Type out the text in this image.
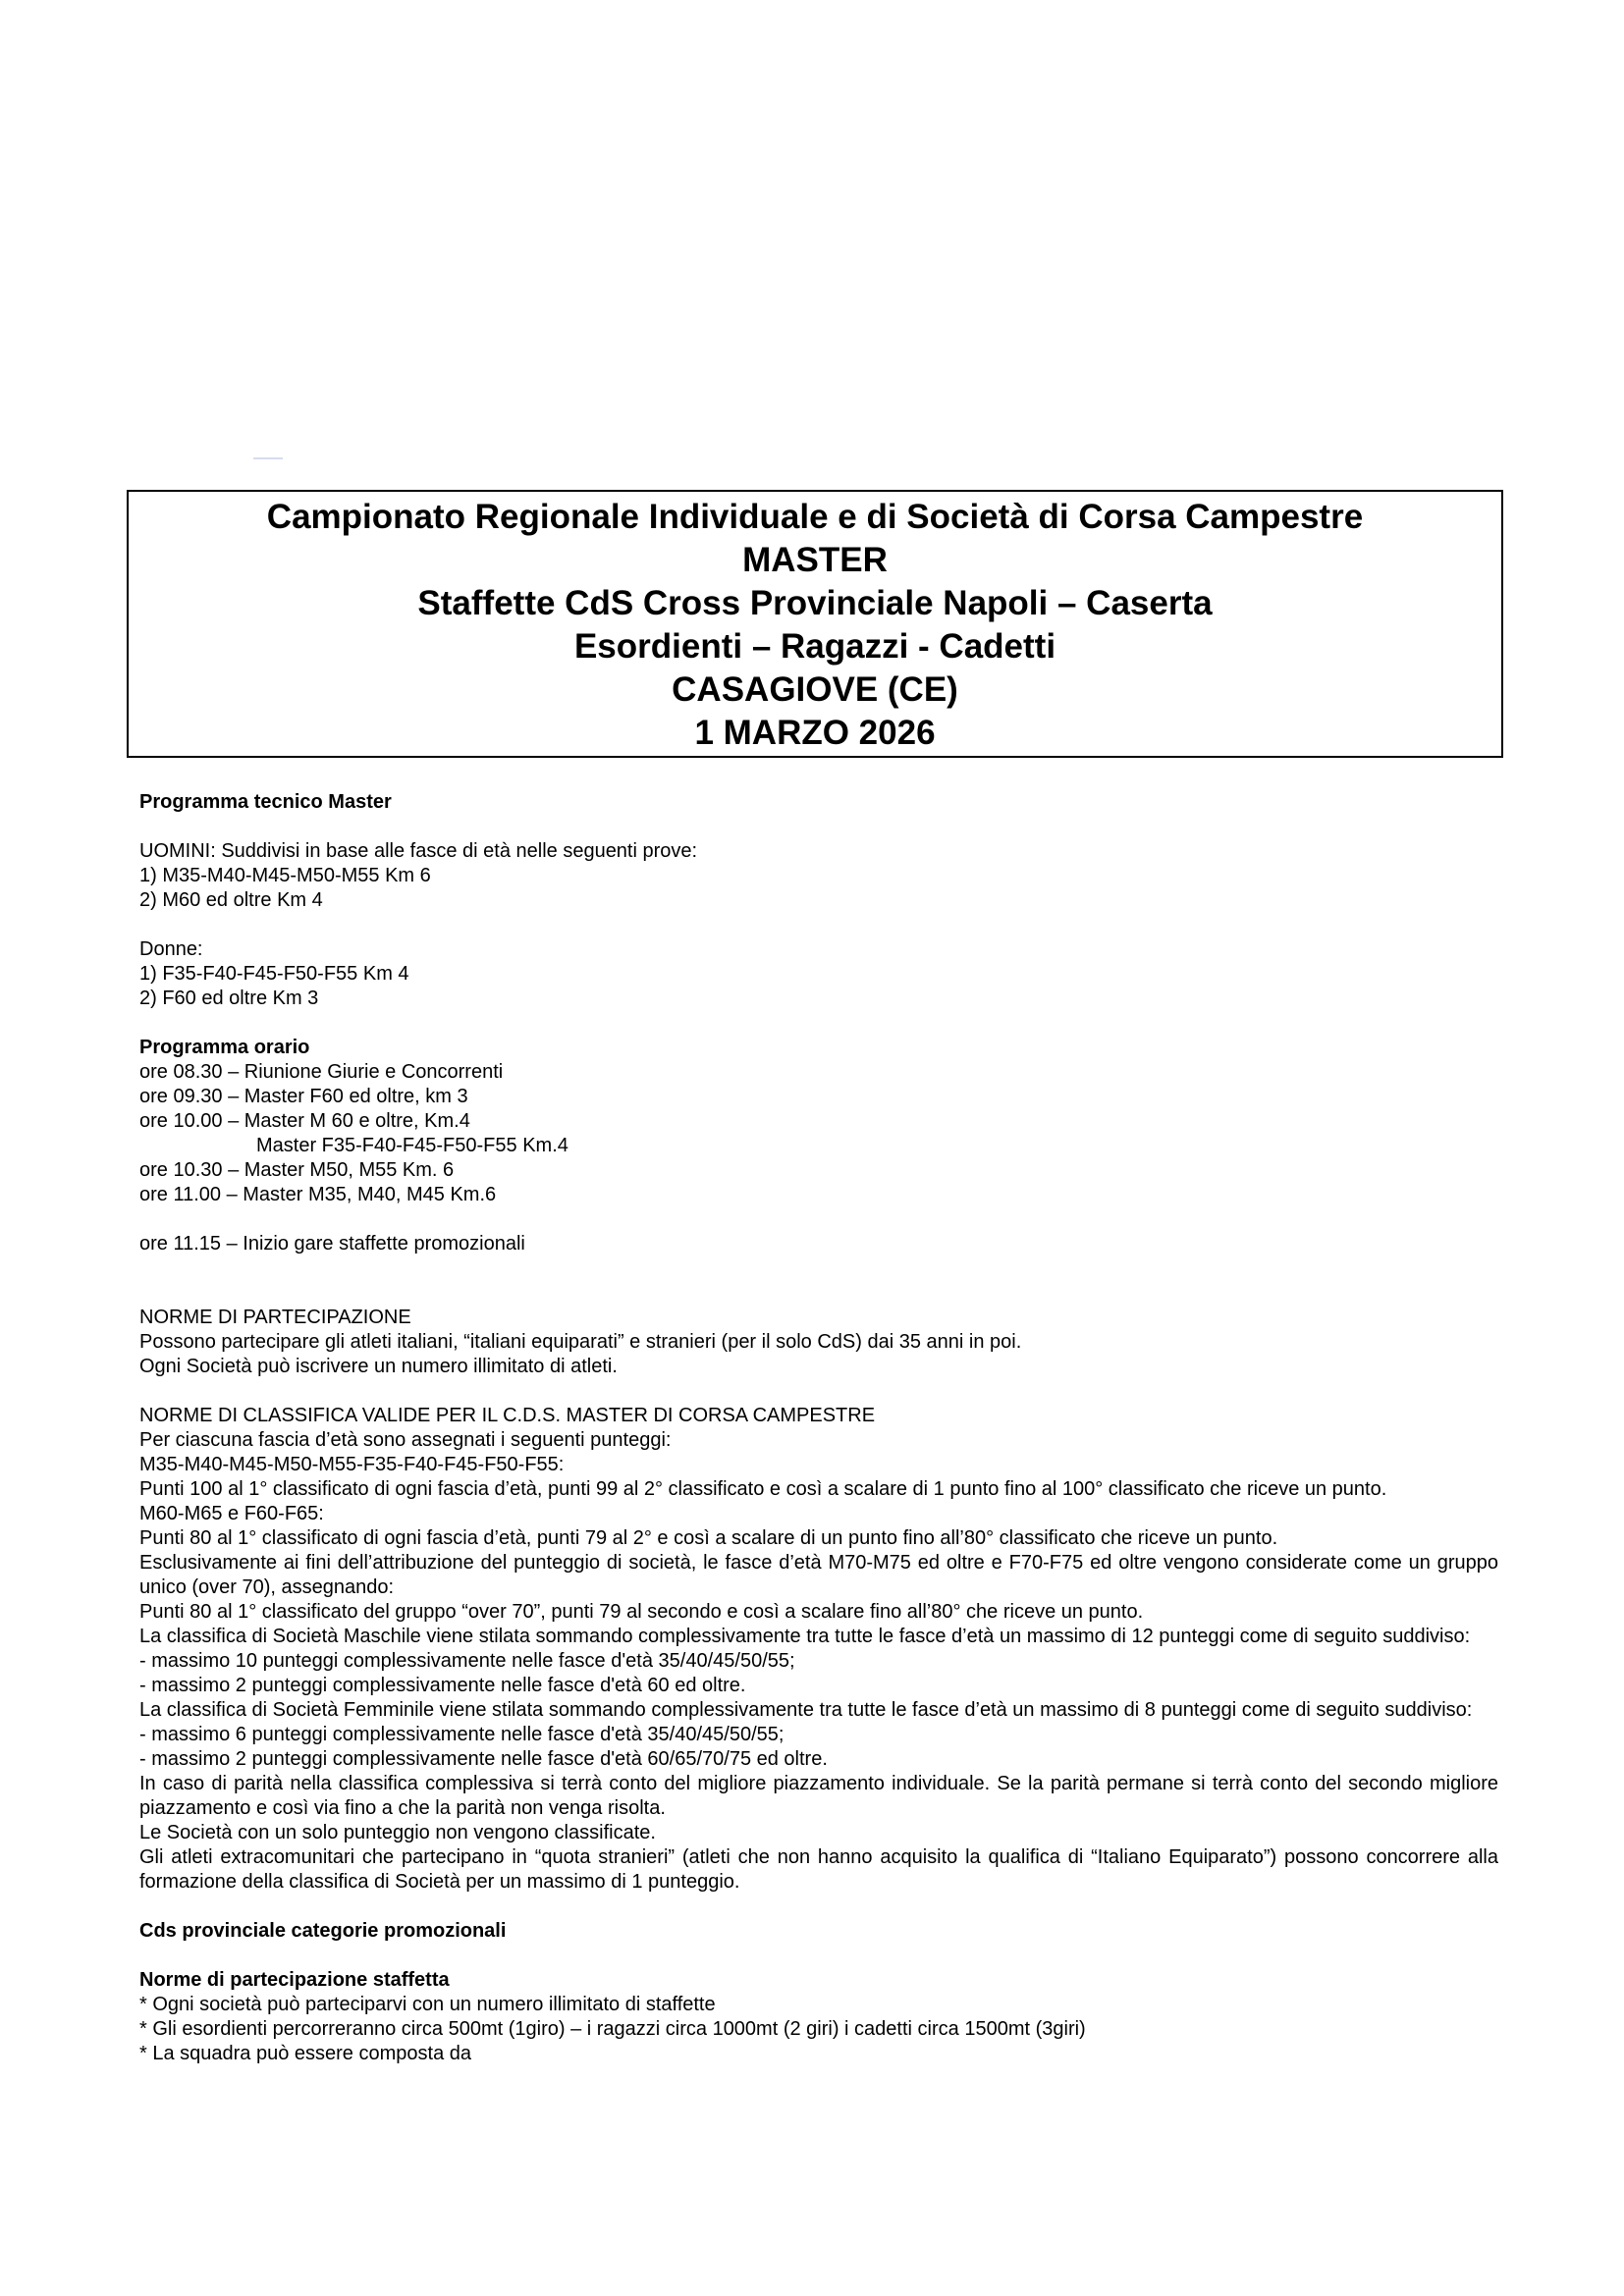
Campionato Regionale Individuale e di Società di Corsa Campestre
MASTER
Staffette CdS Cross Provinciale Napoli – Caserta
Esordienti – Ragazzi - Cadetti
CASAGIOVE (CE)
1 MARZO 2026
Programma tecnico Master
UOMINI: Suddivisi in base alle fasce di età nelle seguenti prove:
1) M35-M40-M45-M50-M55 Km 6
2) M60 ed oltre Km 4
Donne:
1) F35-F40-F45-F50-F55 Km 4
2) F60 ed oltre Km 3
Programma orario
ore 08.30 – Riunione Giurie e Concorrenti
ore 09.30 – Master F60 ed oltre, km 3
ore 10.00 – Master M 60 e oltre, Km.4
Master F35-F40-F45-F50-F55 Km.4
ore 10.30 – Master M50, M55 Km. 6
ore 11.00 – Master M35, M40, M45 Km.6
ore 11.15 – Inizio gare staffette promozionali
NORME DI PARTECIPAZIONE
Possono partecipare gli atleti italiani, “italiani equiparati” e stranieri (per il solo CdS) dai 35 anni in poi.
Ogni Società può iscrivere un numero illimitato di atleti.
NORME DI CLASSIFICA VALIDE PER IL C.D.S. MASTER DI CORSA CAMPESTRE
Per ciascuna fascia d’età sono assegnati i seguenti punteggi:
M35-M40-M45-M50-M55-F35-F40-F45-F50-F55:
Punti 100 al 1° classificato di ogni fascia d’età, punti 99 al 2° classificato e così a scalare di 1 punto fino al 100° classificato che riceve un punto.
M60-M65 e F60-F65:
Punti 80 al 1° classificato di ogni fascia d’età, punti 79 al 2° e così a scalare di un punto fino all’80° classificato che riceve un punto.
Esclusivamente ai fini dell’attribuzione del punteggio di società, le fasce d’età M70-M75 ed oltre e F70-F75 ed oltre vengono considerate come un gruppo unico (over 70), assegnando:
Punti 80 al 1° classificato del gruppo “over 70”, punti 79 al secondo e così a scalare fino all’80° che riceve un punto.
La classifica di Società Maschile viene stilata sommando complessivamente tra tutte le fasce d’età un massimo di 12 punteggi come di seguito suddiviso:
- massimo 10 punteggi complessivamente nelle fasce d'età 35/40/45/50/55;
- massimo 2 punteggi complessivamente nelle fasce d'età 60 ed oltre.
La classifica di Società Femminile viene stilata sommando complessivamente tra tutte le fasce d’età un massimo di 8 punteggi come di seguito suddiviso:
- massimo 6 punteggi complessivamente nelle fasce d'età 35/40/45/50/55;
- massimo 2 punteggi complessivamente nelle fasce d'età 60/65/70/75 ed oltre.
In caso di parità nella classifica complessiva si terrà conto del migliore piazzamento individuale. Se la parità permane si terrà conto del secondo migliore piazzamento e così via fino a che la parità non venga risolta.
Le Società con un solo punteggio non vengono classificate.
Gli atleti extracomunitari che partecipano in “quota stranieri” (atleti che non hanno acquisito la qualifica di “Italiano Equiparato”) possono concorrere alla formazione della classifica di Società per un massimo di 1 punteggio.
Cds provinciale categorie promozionali
Norme di partecipazione staffetta
* Ogni società può parteciparvi con un numero illimitato di staffette
* Gli esordienti percorreranno circa 500mt (1giro) – i ragazzi circa 1000mt (2 giri) i cadetti circa 1500mt (3giri)
* La squadra può essere composta da
